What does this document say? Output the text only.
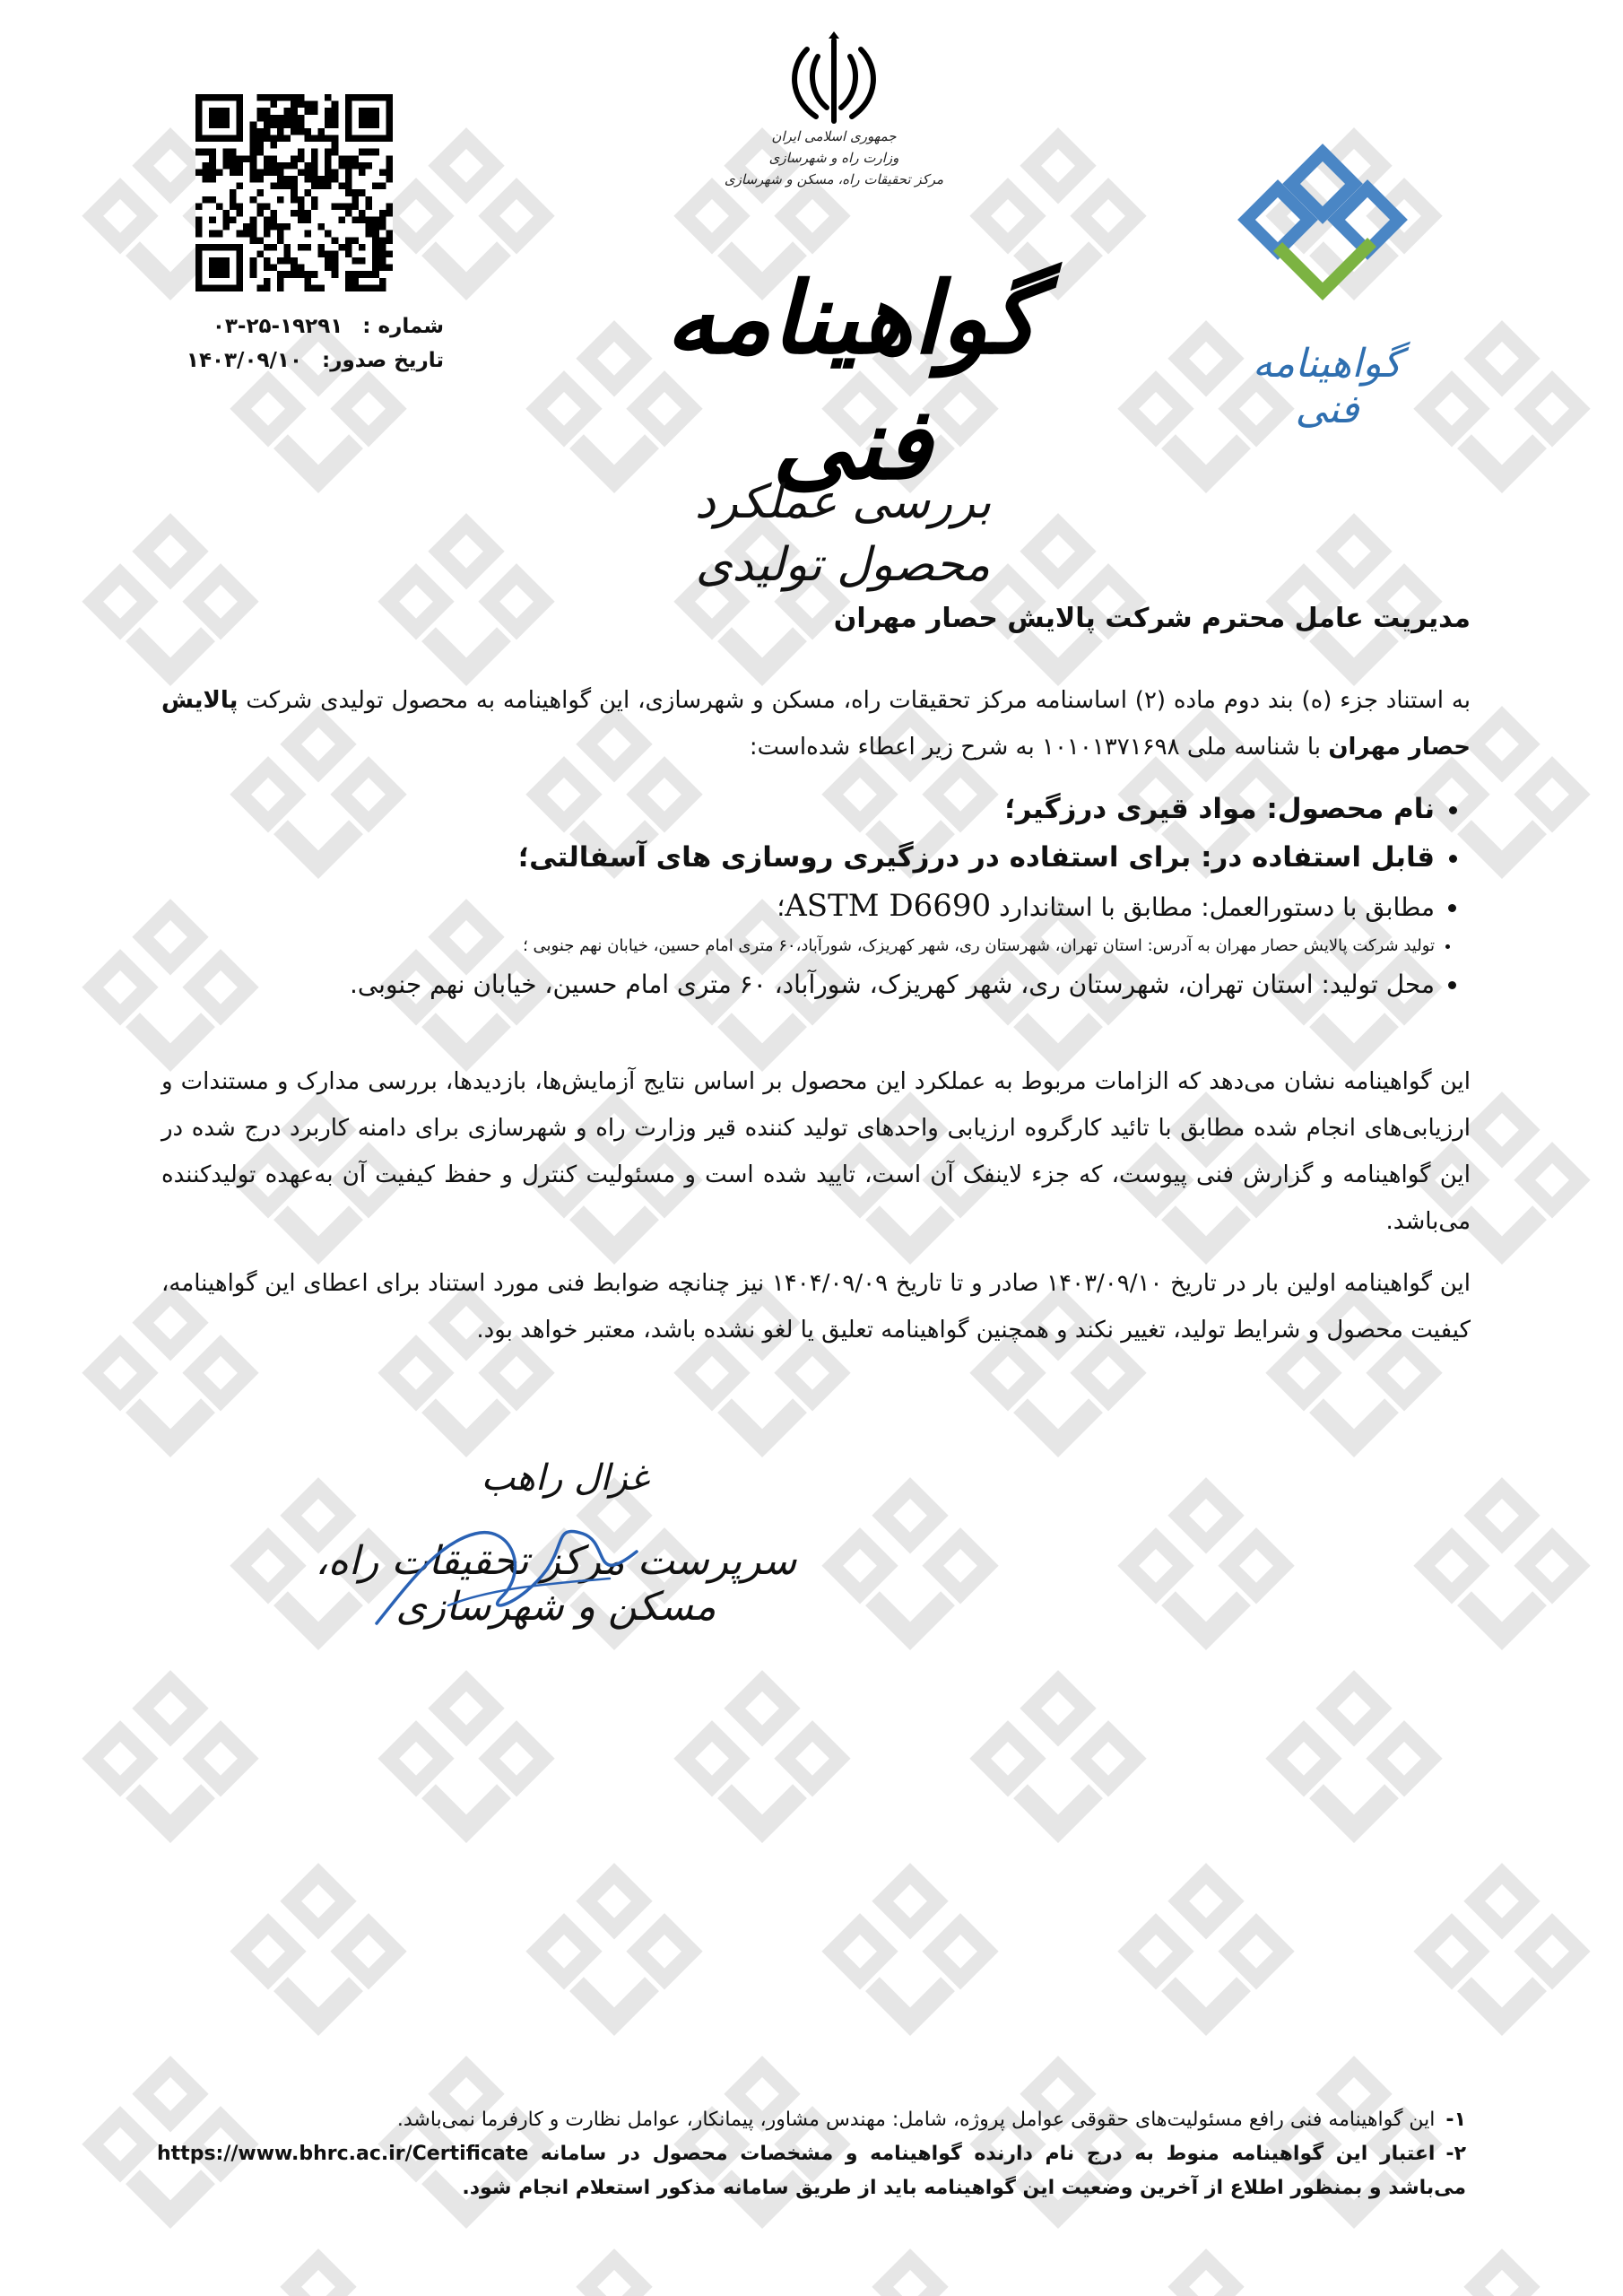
شماره :
۰۳-۲۵-۱۹۲۹۱
تاریخ صدور:
۱۴۰۳/۰۹/۱۰
جمهوری اسلامی ایران
وزارت راه و شهرسازی
مرکز تحقیقات راه، مسکن و شهرسازی
گواهینامه فنی
بررسی عملکرد محصول تولیدی
گواهینامه فنی
مدیریت عامل محترم شرکت پالایش حصار مهران
به استناد جزء (ه) بند دوم ماده (۲) اساسنامه مرکز تحقیقات راه، مسکن و شهرسازی، این گواهینامه به محصول تولیدی شرکت پالایش حصار مهران با شناسه ملی ۱۰۱۰۱۳۷۱۶۹۸ به شرح زیر اعطاء شده‌است:
• نام محصول: مواد قیری درزگیر؛
• قابل استفاده در: برای استفاده در درزگیری روسازی های آسفالتی؛
• مطابق با دستورالعمل: مطابق با استاندارد ASTM D6690؛
• تولید شرکت پالایش حصار مهران به آدرس: استان تهران، شهرستان ری، شهر کهریزک، شورآباد،۶۰ متری امام حسین، خیابان نهم جنوبی ؛
• محل تولید: استان تهران، شهرستان ری، شهر کهریزک، شورآباد، ۶۰ متری امام حسین، خیابان نهم جنوبی.
این گواهینامه نشان می‌دهد که الزامات مربوط به عملکرد این محصول بر اساس نتایج آزمایش‌ها، بازدیدها، بررسی مدارک و مستندات و ارزیابی‌های انجام شده مطابق با تائید کارگروه ارزیابی واحدهای تولید کننده قیر وزارت راه و شهرسازی برای دامنه کاربرد درج شده در این گواهینامه و گزارش فنی پیوست، که جزء لاینفک آن است، تایید شده است و مسئولیت کنترل و حفظ کیفیت آن به‌عهده تولیدکننده می‌باشد.
این گواهینامه اولین بار در تاریخ ۱۴۰۳/۰۹/۱۰ صادر و تا تاریخ ۱۴۰۴/۰۹/۰۹ نیز چنانچه ضوابط فنی مورد استناد برای اعطای این گواهینامه، کیفیت محصول و شرایط تولید، تغییر نکند و همچنین گواهینامه تعلیق یا لغو نشده باشد، معتبر خواهد بود.
غزال راهب
سرپرست مرکز تحقیقات راه، مسکن و شهرسازی
۱-این گواهینامه فنی رافع مسئولیت‌های حقوقی عوامل پروژه، شامل: مهندس مشاور، پیمانکار، عوامل نظارت و کارفرما نمی‌باشد.
۲-اعتبار این گواهینامه منوط به درج نام دارنده گواهینامه و مشخصات محصول در سامانه https://www.bhrc.ac.ir/Certificate می‌باشد و بمنظور اطلاع از آخرین وضعیت این گواهینامه باید از طریق سامانه مذکور استعلام انجام شود.
